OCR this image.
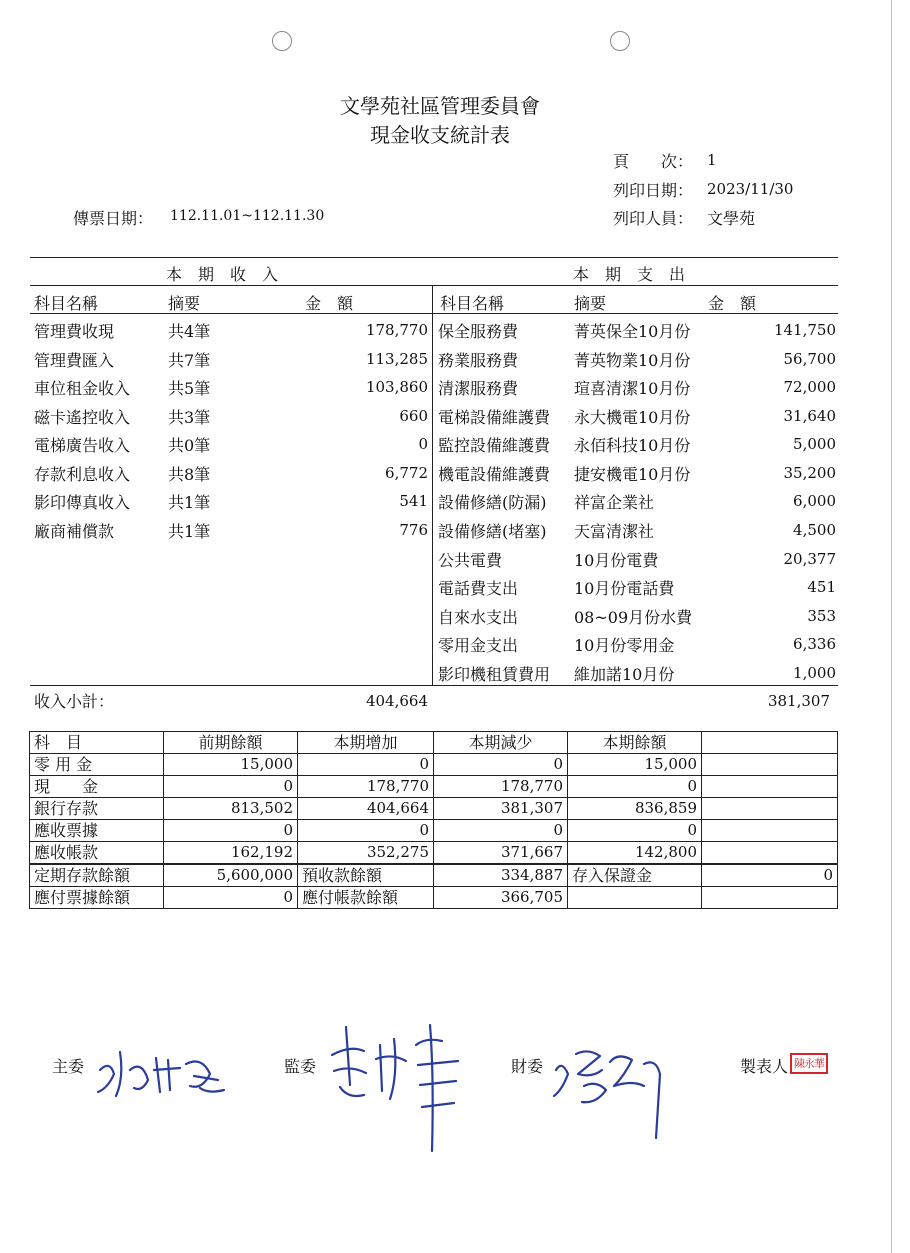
文學苑社區管理委員會
現金收支統計表
頁　　次： 1
列印日期： 2023/11/30
列印人員： 文學苑
傳票日期： 112.11.01~112.11.30
本　期　收　入	本　期　支　出
科目名稱	摘要	金　額	科目名稱	摘要	金　額
管理費收現	共4筆	178,770
管理費匯入	共7筆	113,285
車位租金收入 共5筆	103,860
磁卡遙控收入 共3筆	660
電梯廣告收入 共0筆	0
存款利息收入 共8筆	6,772
影印傳真收入 共1筆	541
廠商補償款	共1筆	776
保全服務費	菁英保全10月份	141,750
務業服務費	菁英物業10月份	56,700
清潔服務費	瑄喜清潔10月份	72,000
電梯設備維護費 永大機電10月份	31,640
監控設備維護費 永佰科技10月份	5,000
機電設備維護費 捷安機電10月份	35,200
設備修繕(防漏) 祥富企業社	6,000
設備修繕(堵塞) 天富清潔社	4,500
公共電費	10月份電費	20,377
電話費支出	10月份電話費	451
自來水支出	08~09月份水費	353
零用金支出	10月份零用金	6,336
影印機租賃費用 維加諾10月份	1,000
收入小計：	404,664	381,307
科　目	前期餘額	本期增加	本期減少	本期餘額	
零 用 金	15,000	0	0	15,000	
現　　金	0	178,770	178,770	0	
銀行存款	813,502	404,664	381,307	836,859	
應收票據	0	0	0	0	
應收帳款	162,192	352,275	371,667	142,800	
定期存款餘額	5,600,000	預收款餘額	334,887	存入保證金	0
應付票據餘額	0	應付帳款餘額	366,705		
主委	監委	財委	製表人 陳永華
